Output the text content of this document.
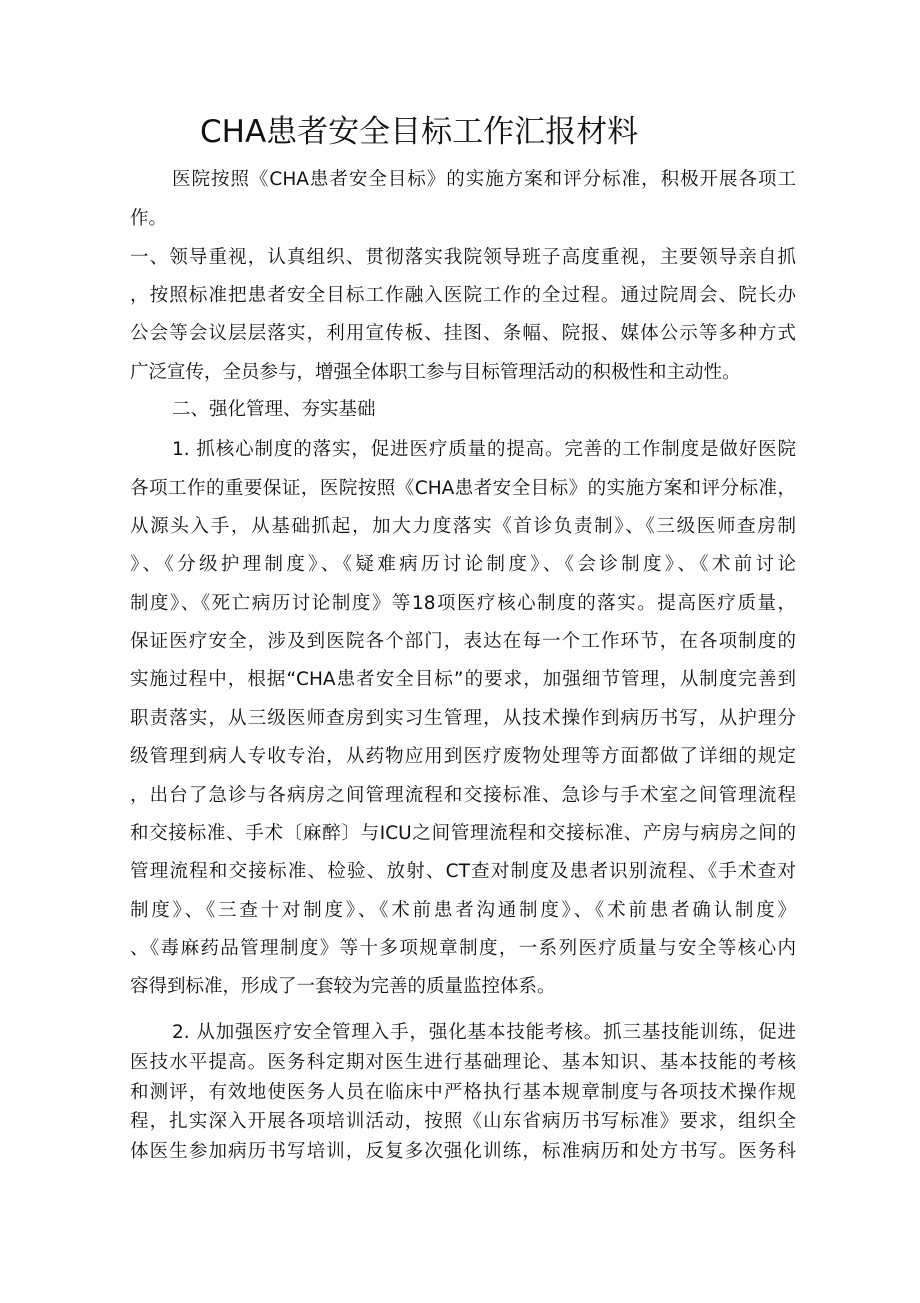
CHA患者安全目标工作汇报材料
医院按照《CHA患者安全目标》的实施方案和评分标准，积极开展各项工
作。
一、领导重视，认真组织、贯彻落实我院领导班子高度重视，主要领导亲自抓
，按照标准把患者安全目标工作融入医院工作的全过程。通过院周会、院长办
公会等会议层层落实，利用宣传板、挂图、条幅、院报、媒体公示等多种方式
广泛宣传，全员参与，增强全体职工参与目标管理活动的积极性和主动性。
二、强化管理、夯实基础
1. 抓核心制度的落实，促进医疗质量的提高。完善的工作制度是做好医院
各项工作的重要保证，医院按照《CHA患者安全目标》的实施方案和评分标准，
从源头入手，从基础抓起，加大力度落实《首诊负责制》、《三级医师查房制
》、《分级护理制度》、《疑难病历讨论制度》、《会诊制度》、《术前讨论
制度》、《死亡病历讨论制度》等18项医疗核心制度的落实。提高医疗质量，
保证医疗安全，涉及到医院各个部门，表达在每一个工作环节，在各项制度的
实施过程中，根据“CHA患者安全目标”的要求，加强细节管理，从制度完善到
职责落实，从三级医师查房到实习生管理，从技术操作到病历书写，从护理分
级管理到病人专收专治，从药物应用到医疗废物处理等方面都做了详细的规定
，出台了急诊与各病房之间管理流程和交接标准、急诊与手术室之间管理流程
和交接标准、手术〔麻醉〕与ICU之间管理流程和交接标准、产房与病房之间的
管理流程和交接标准、检验、放射、CT查对制度及患者识别流程、《手术查对
制度》、《三查十对制度》、《术前患者沟通制度》、《术前患者确认制度》
、《毒麻药品管理制度》等十多项规章制度，一系列医疗质量与安全等核心内
容得到标准，形成了一套较为完善的质量监控体系。
2. 从加强医疗安全管理入手，强化基本技能考核。抓三基技能训练，促进
医技水平提高。医务科定期对医生进行基础理论、基本知识、基本技能的考核
和测评，有效地使医务人员在临床中严格执行基本规章制度与各项技术操作规
程，扎实深入开展各项培训活动，按照《山东省病历书写标准》要求，组织全
体医生参加病历书写培训，反复多次强化训练，标准病历和处方书写。医务科
